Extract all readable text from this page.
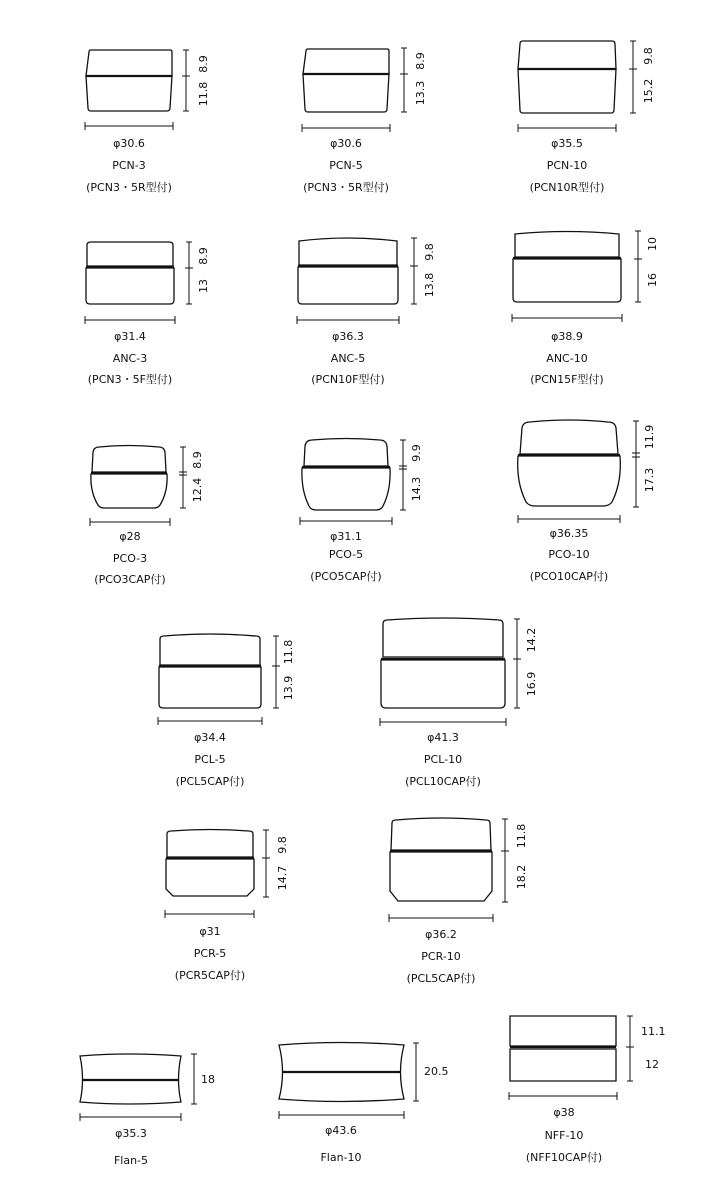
8.9
11.8
φ30.6
PCN-3
(PCN3・5R型付)
8.9
13.3
φ30.6
PCN-5
(PCN3・5R型付)
9.8
15.2
φ35.5
PCN-10
(PCN10R型付)
8.9
13
φ31.4
ANC-3
(PCN3・5F型付)
9.8
13.8
φ36.3
ANC-5
(PCN10F型付)
10
16
φ38.9
ANC-10
(PCN15F型付)
8.9
12.4
φ28
PCO-3
(PCO3CAP付)
9.9
14.3
φ31.1
PCO-5
(PCO5CAP付)
11.9
17.3
φ36.35
PCO-10
(PCO10CAP付)
11.8
13.9
φ34.4
PCL-5
(PCL5CAP付)
14.2
16.9
φ41.3
PCL-10
(PCL10CAP付)
9.8
14.7
φ31
PCR-5
(PCR5CAP付)
11.8
18.2
φ36.2
PCR-10
(PCL5CAP付)
18
φ35.3
Flan-5
20.5
φ43.6
Flan-10
11.1
12
φ38
NFF-10
(NFF10CAP付)
